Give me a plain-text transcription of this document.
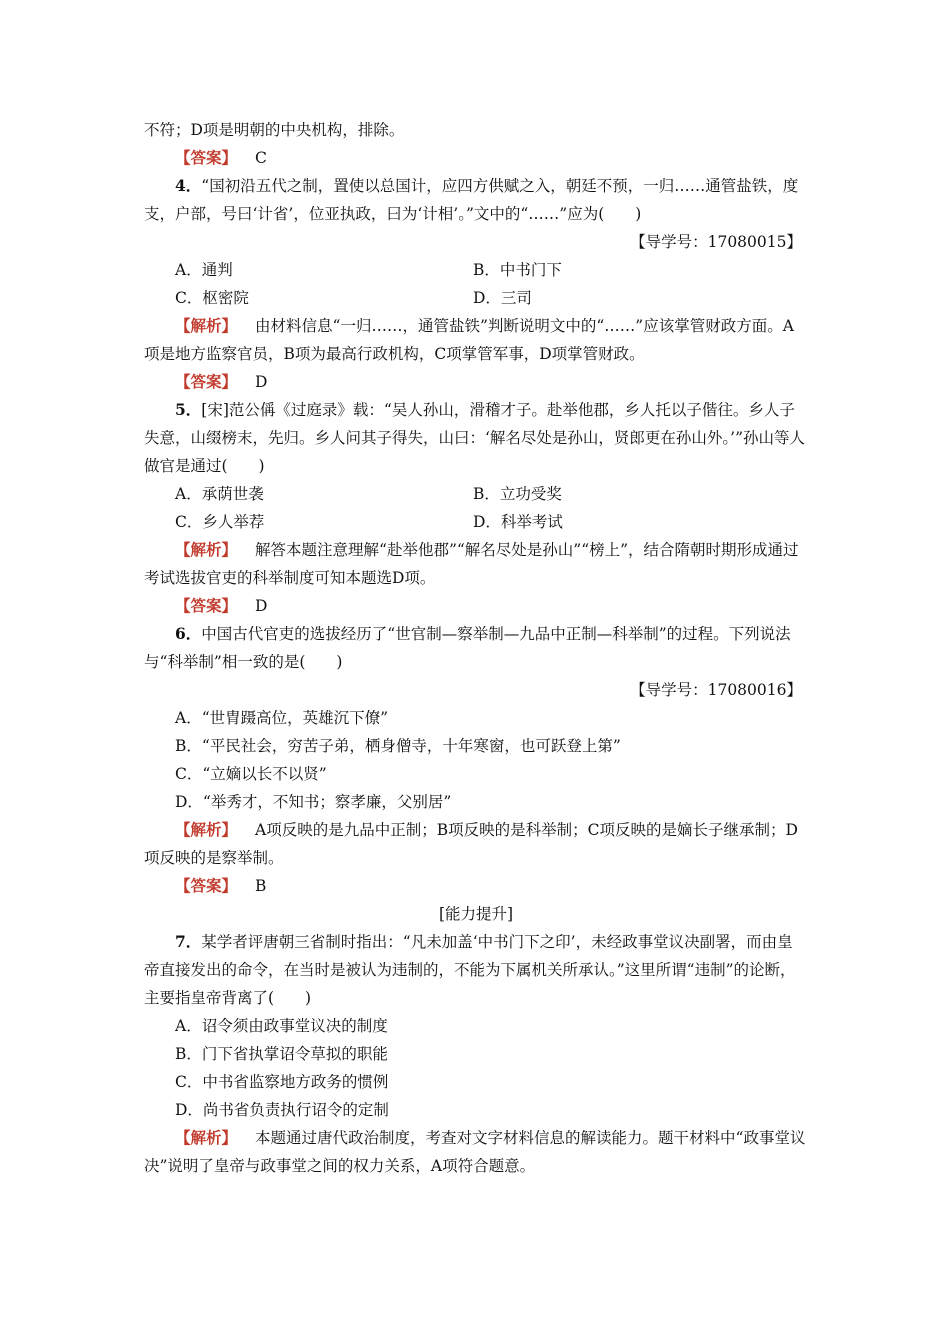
不符；D项是明朝的中央机构，排除。

【答案】 C

4．“国初沿五代之制，置使以总国计，应四方供赋之入，朝廷不预，一归……通管盐铁，度支，户部，号曰‘计省’，位亚执政，曰为‘计相’。”文中的“……”应为(　　)

【导学号：17080015】

A．通判	B．中书门下
C．枢密院	D．三司

【解析】 由材料信息“一归……，通管盐铁”判断说明文中的“……”应该掌管财政方面。A项是地方监察官员，B项为最高行政机构，C项掌管军事，D项掌管财政。

【答案】 D

5．[宋]范公偁《过庭录》载：“吴人孙山，滑稽才子。赴举他郡，乡人托以子偕往。乡人子失意，山缀榜末，先归。乡人问其子得失，山曰：‘解名尽处是孙山，贤郎更在孙山外。’”孙山等人做官是通过(　　)

A．承荫世袭	B．立功受奖
C．乡人举荐	D．科举考试

【解析】 解答本题注意理解“赴举他郡”“解名尽处是孙山”“榜上”，结合隋朝时期形成通过考试选拔官吏的科举制度可知本题选D项。

【答案】 D

6．中国古代官吏的选拔经历了“世官制—察举制—九品中正制—科举制”的过程。下列说法与“科举制”相一致的是(　　)

【导学号：17080016】

A．“世胄蹑高位，英雄沉下僚”

B．“平民社会，穷苦子弟，栖身僧寺，十年寒窗，也可跃登上第”

C．“立嫡以长不以贤”

D．“举秀才，不知书；察孝廉，父别居”

【解析】 A项反映的是九品中正制；B项反映的是科举制；C项反映的是嫡长子继承制；D项反映的是察举制。

【答案】 B

[能力提升]

7．某学者评唐朝三省制时指出：“凡未加盖‘中书门下之印’，未经政事堂议决副署，而由皇帝直接发出的命令，在当时是被认为违制的，不能为下属机关所承认。”这里所谓“违制”的论断，主要指皇帝背离了(　　)

A．诏令须由政事堂议决的制度

B．门下省执掌诏令草拟的职能

C．中书省监察地方政务的惯例

D．尚书省负责执行诏令的定制

【解析】 本题通过唐代政治制度，考查对文字材料信息的解读能力。题干材料中“政事堂议决”说明了皇帝与政事堂之间的权力关系，A项符合题意。
